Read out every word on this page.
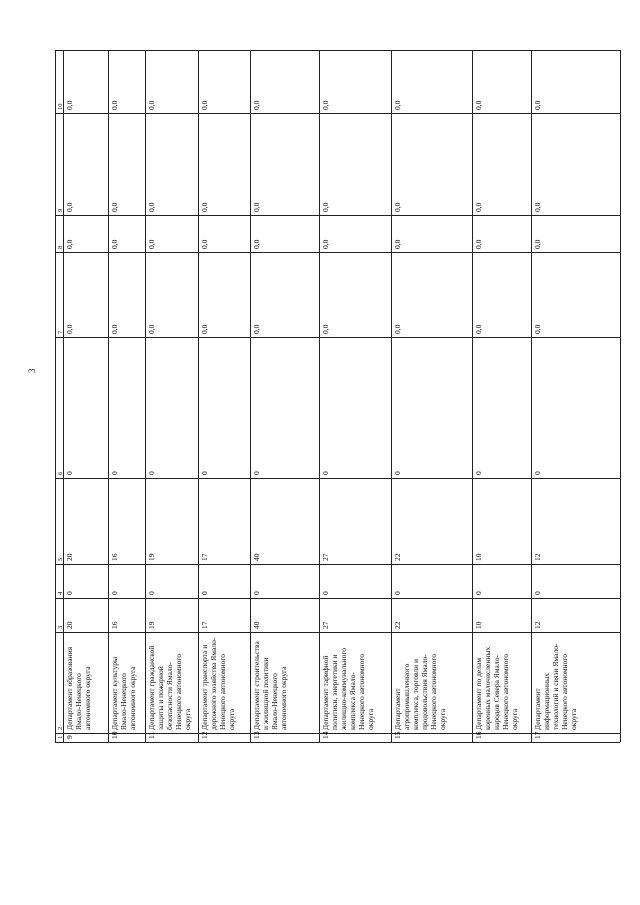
3
1
2
3
4
5
6
7
8
9
10
9
Департамент образования
Ямало-Ненецкого
автономного округа
20
0
20
0
0,0
0,0
0,0
0,0
10
Департамент культуры
Ямало-Ненецкого
автономного округа
16
0
16
0
0,0
0,0
0,0
0,0
11
Департамент гражданской
защиты и пожарной
безопасности Ямало-
Ненецкого автономного
округа
19
0
19
0
0,0
0,0
0,0
0,0
12
Департамент транспорта и
дорожного хозяйства Ямало-
Ненецкого автономного
округа
17
0
17
0
0,0
0,0
0,0
0,0
13
Департамент строительства
и жилищной политики
Ямало-Ненецкого
автономного округа
40
0
40
0
0,0
0,0
0,0
0,0
14
Департамент тарифной
политики, энергетики и
жилищно-коммунального
комплекса Ямало-
Ненецкого автономного
округа
27
0
27
0
0,0
0,0
0,0
0,0
15
Департамент
агропромышленного
комплекса, торговли и
продовольствия Ямало-
Ненецкого автономного
округа
22
0
22
0
0,0
0,0
0,0
0,0
16
Департамент по делам
коренных малочисленных
народов Севера Ямало-
Ненецкого автономного
округа
10
0
10
0
0,0
0,0
0,0
0,0
17
Департамент
информационных
технологий и связи Ямало-
Ненецкого автономного
округа
12
0
12
0
0,0
0,0
0,0
0,0
